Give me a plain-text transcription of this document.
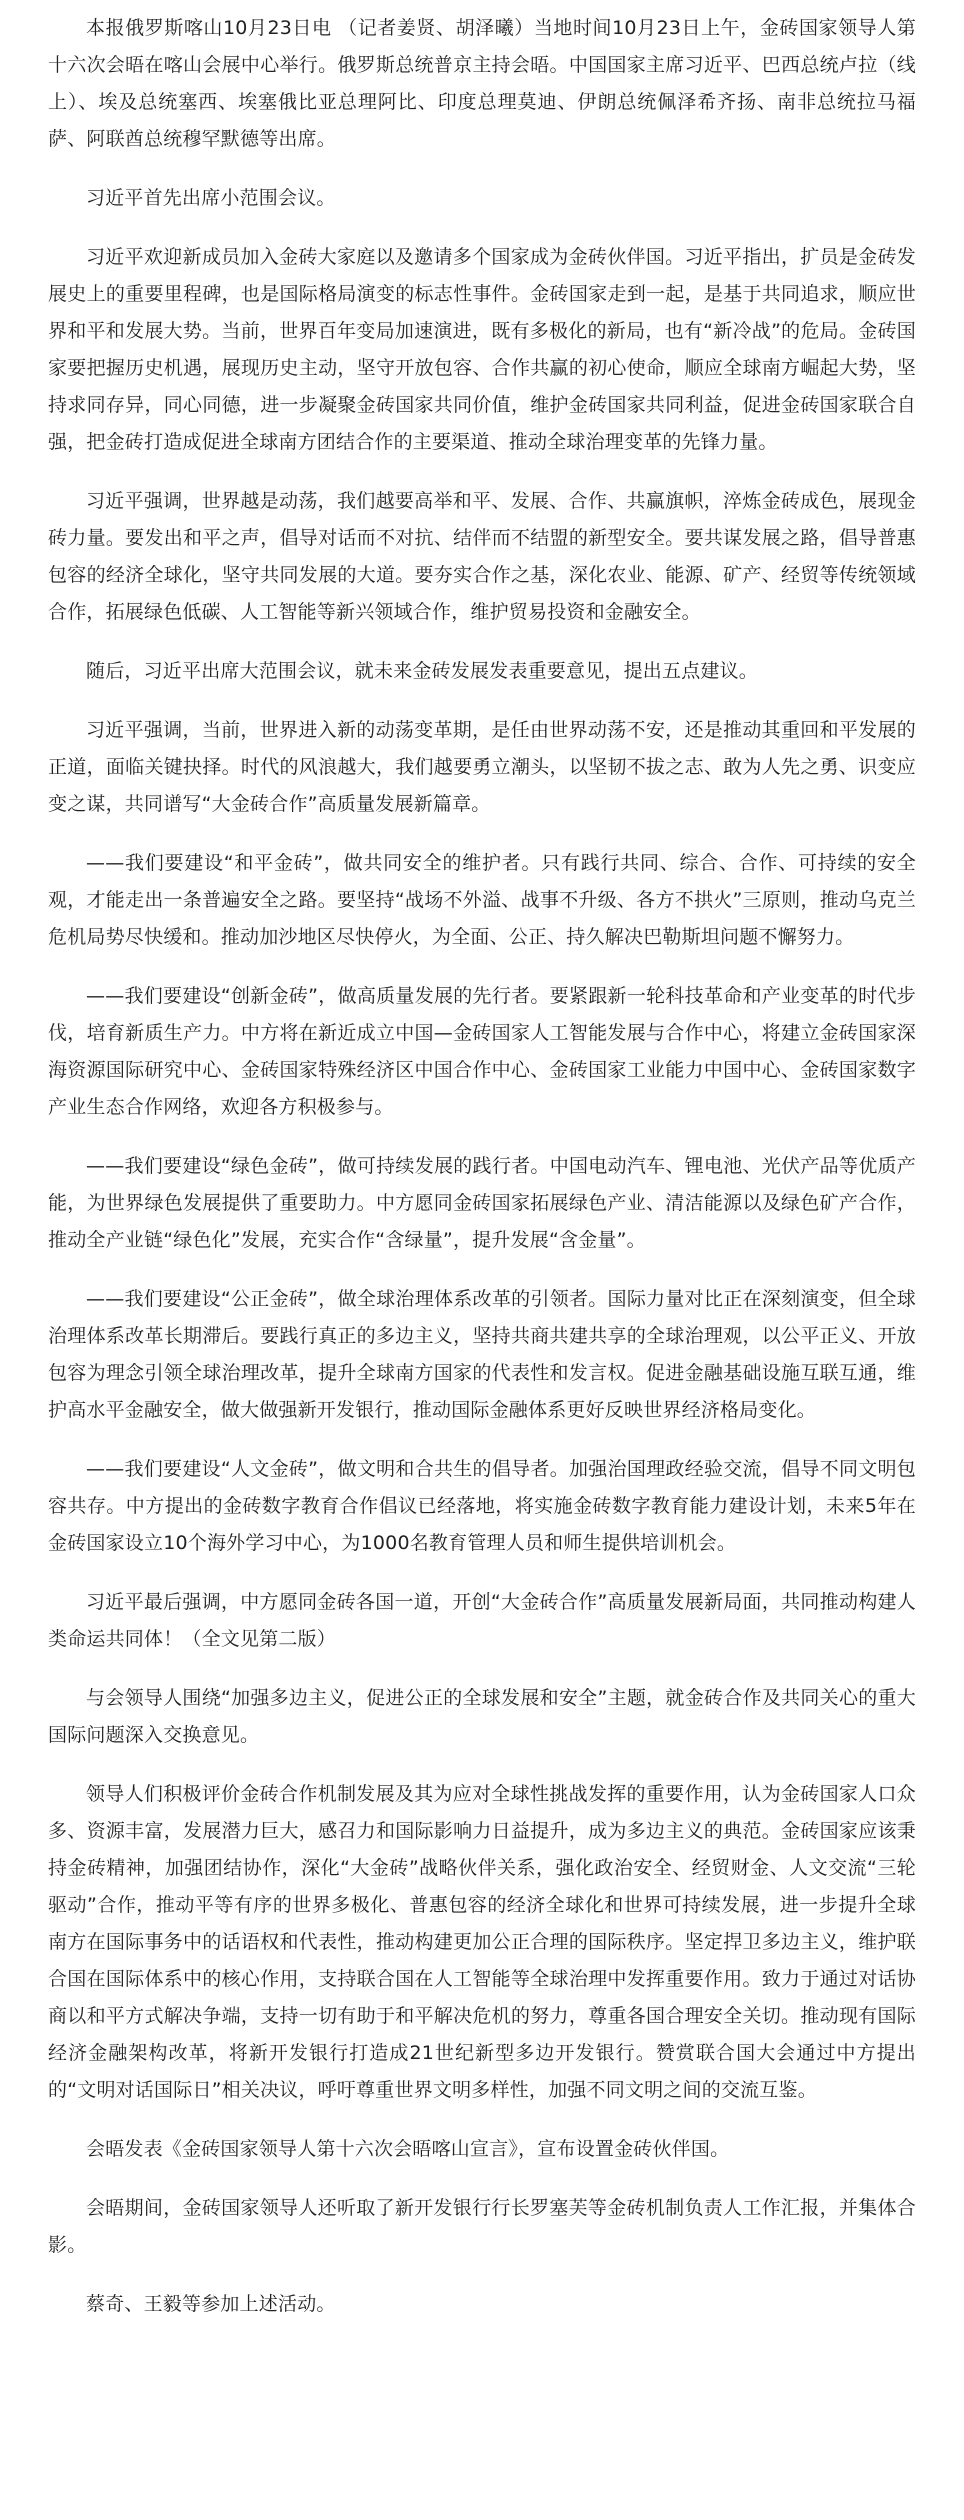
本报俄罗斯喀山10月23日电 （记者姜贤、胡泽曦）当地时间10月23日上午，金砖国家领导人第十六次会晤在喀山会展中心举行。俄罗斯总统普京主持会晤。中国国家主席习近平、巴西总统卢拉（线上）、埃及总统塞西、埃塞俄比亚总理阿比、印度总理莫迪、伊朗总统佩泽希齐扬、南非总统拉马福萨、阿联酋总统穆罕默德等出席。

习近平首先出席小范围会议。

习近平欢迎新成员加入金砖大家庭以及邀请多个国家成为金砖伙伴国。习近平指出，扩员是金砖发展史上的重要里程碑，也是国际格局演变的标志性事件。金砖国家走到一起，是基于共同追求，顺应世界和平和发展大势。当前，世界百年变局加速演进，既有多极化的新局，也有“新冷战”的危局。金砖国家要把握历史机遇，展现历史主动，坚守开放包容、合作共赢的初心使命，顺应全球南方崛起大势，坚持求同存异，同心同德，进一步凝聚金砖国家共同价值，维护金砖国家共同利益，促进金砖国家联合自强，把金砖打造成促进全球南方团结合作的主要渠道、推动全球治理变革的先锋力量。

习近平强调，世界越是动荡，我们越要高举和平、发展、合作、共赢旗帜，淬炼金砖成色，展现金砖力量。要发出和平之声，倡导对话而不对抗、结伴而不结盟的新型安全。要共谋发展之路，倡导普惠包容的经济全球化，坚守共同发展的大道。要夯实合作之基，深化农业、能源、矿产、经贸等传统领域合作，拓展绿色低碳、人工智能等新兴领域合作，维护贸易投资和金融安全。

随后，习近平出席大范围会议，就未来金砖发展发表重要意见，提出五点建议。

习近平强调，当前，世界进入新的动荡变革期，是任由世界动荡不安，还是推动其重回和平发展的正道，面临关键抉择。时代的风浪越大，我们越要勇立潮头，以坚韧不拔之志、敢为人先之勇、识变应变之谋，共同谱写“大金砖合作”高质量发展新篇章。

——我们要建设“和平金砖”，做共同安全的维护者。只有践行共同、综合、合作、可持续的安全观，才能走出一条普遍安全之路。要坚持“战场不外溢、战事不升级、各方不拱火”三原则，推动乌克兰危机局势尽快缓和。推动加沙地区尽快停火，为全面、公正、持久解决巴勒斯坦问题不懈努力。

——我们要建设“创新金砖”，做高质量发展的先行者。要紧跟新一轮科技革命和产业变革的时代步伐，培育新质生产力。中方将在新近成立中国—金砖国家人工智能发展与合作中心，将建立金砖国家深海资源国际研究中心、金砖国家特殊经济区中国合作中心、金砖国家工业能力中国中心、金砖国家数字产业生态合作网络，欢迎各方积极参与。

——我们要建设“绿色金砖”，做可持续发展的践行者。中国电动汽车、锂电池、光伏产品等优质产能，为世界绿色发展提供了重要助力。中方愿同金砖国家拓展绿色产业、清洁能源以及绿色矿产合作，推动全产业链“绿色化”发展，充实合作“含绿量”，提升发展“含金量”。

——我们要建设“公正金砖”，做全球治理体系改革的引领者。国际力量对比正在深刻演变，但全球治理体系改革长期滞后。要践行真正的多边主义，坚持共商共建共享的全球治理观，以公平正义、开放包容为理念引领全球治理改革，提升全球南方国家的代表性和发言权。促进金融基础设施互联互通，维护高水平金融安全，做大做强新开发银行，推动国际金融体系更好反映世界经济格局变化。

——我们要建设“人文金砖”，做文明和合共生的倡导者。加强治国理政经验交流，倡导不同文明包容共存。中方提出的金砖数字教育合作倡议已经落地，将实施金砖数字教育能力建设计划，未来5年在金砖国家设立10个海外学习中心，为1000名教育管理人员和师生提供培训机会。

习近平最后强调，中方愿同金砖各国一道，开创“大金砖合作”高质量发展新局面，共同推动构建人类命运共同体！（全文见第二版）

与会领导人围绕“加强多边主义，促进公正的全球发展和安全”主题，就金砖合作及共同关心的重大国际问题深入交换意见。

领导人们积极评价金砖合作机制发展及其为应对全球性挑战发挥的重要作用，认为金砖国家人口众多、资源丰富，发展潜力巨大，感召力和国际影响力日益提升，成为多边主义的典范。金砖国家应该秉持金砖精神，加强团结协作，深化“大金砖”战略伙伴关系，强化政治安全、经贸财金、人文交流“三轮驱动”合作，推动平等有序的世界多极化、普惠包容的经济全球化和世界可持续发展，进一步提升全球南方在国际事务中的话语权和代表性，推动构建更加公正合理的国际秩序。坚定捍卫多边主义，维护联合国在国际体系中的核心作用，支持联合国在人工智能等全球治理中发挥重要作用。致力于通过对话协商以和平方式解决争端，支持一切有助于和平解决危机的努力，尊重各国合理安全关切。推动现有国际经济金融架构改革，将新开发银行打造成21世纪新型多边开发银行。赞赏联合国大会通过中方提出的“文明对话国际日”相关决议，呼吁尊重世界文明多样性，加强不同文明之间的交流互鉴。

会晤发表《金砖国家领导人第十六次会晤喀山宣言》，宣布设置金砖伙伴国。

会晤期间，金砖国家领导人还听取了新开发银行行长罗塞芙等金砖机制负责人工作汇报，并集体合影。

蔡奇、王毅等参加上述活动。
